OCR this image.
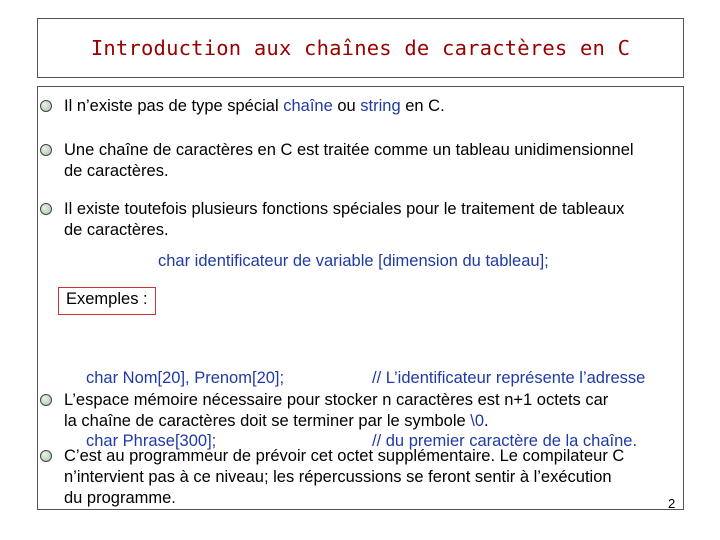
Introduction aux chaînes de caractères en C
Il n’existe pas de type spécial chaîne ou string en C.
Une chaîne de caractères en C est traitée comme un tableau unidimensionnel
de caractères.
Il existe toutefois plusieurs fonctions spéciales pour le traitement de tableaux
de caractères.
char identificateur de variable [dimension du tableau];
Exemples :

char Nom[20], Prenom[20];

char Phrase[300];

// L’identificateur représente l’adresse

// du premier caractère de la chaîne.

L’espace mémoire nécessaire pour stocker n caractères est n+1 octets car
la chaîne de caractères doit se terminer par le symbole \0.
C’est au programmeur de prévoir cet octet supplémentaire. Le compilateur C
n’intervient pas à ce niveau; les répercussions se feront sentir à l’exécution
du programme.	2
